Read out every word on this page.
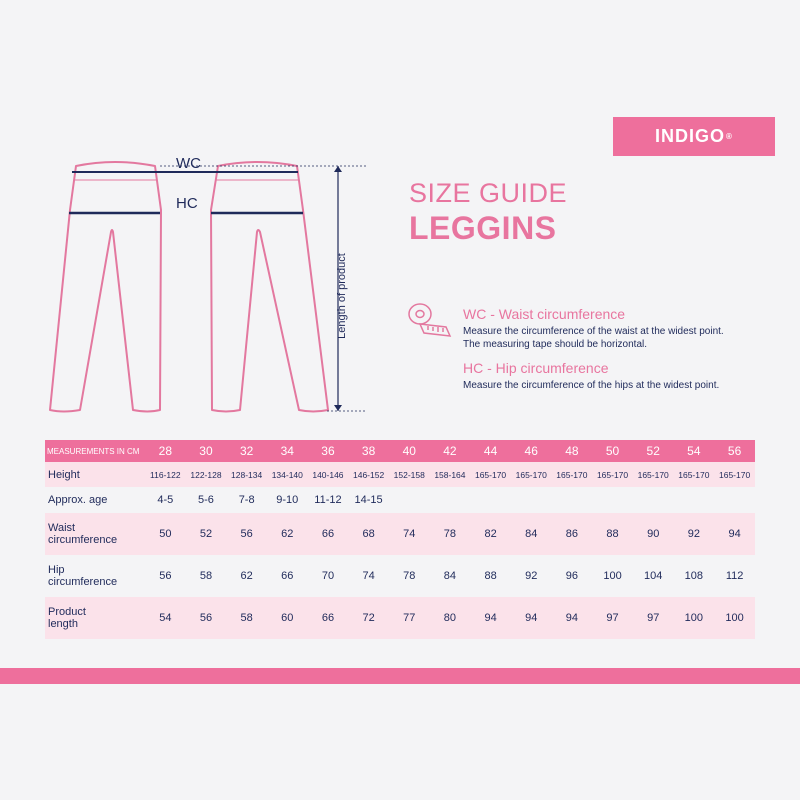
INDIGO ®
SIZE GUIDE
LEGGINS
WC
HC
Length of product	WC - Waist circumference
Measure the circumference of the waist at the widest point.
The measuring tape should be horizontal.
HC - Hip circumference
Measure the circumference of the hips at the widest point.
MEASUREMENTS IN CM	28	30	32	34	36	38	40	42	44	46	48	50	52	54	56

Height	116-122	122-128	128-134	134-140	140-146	146-152	152-158	158-164	165-170	165-170	165-170	165-170	165-170	165-170	165-170

Approx. age	4-5	5-6	7-8	9-10	11-12	14-15									

Waist
circumference	50	52	56	62	66	68	74	78	82	84	86	88	90	92	94

Hip
circumference	56	58	62	66	70	74	78	84	88	92	96	100	104	108	112

Product
length	54	56	58	60	66	72	77	80	94	94	94	97	97	100	100
